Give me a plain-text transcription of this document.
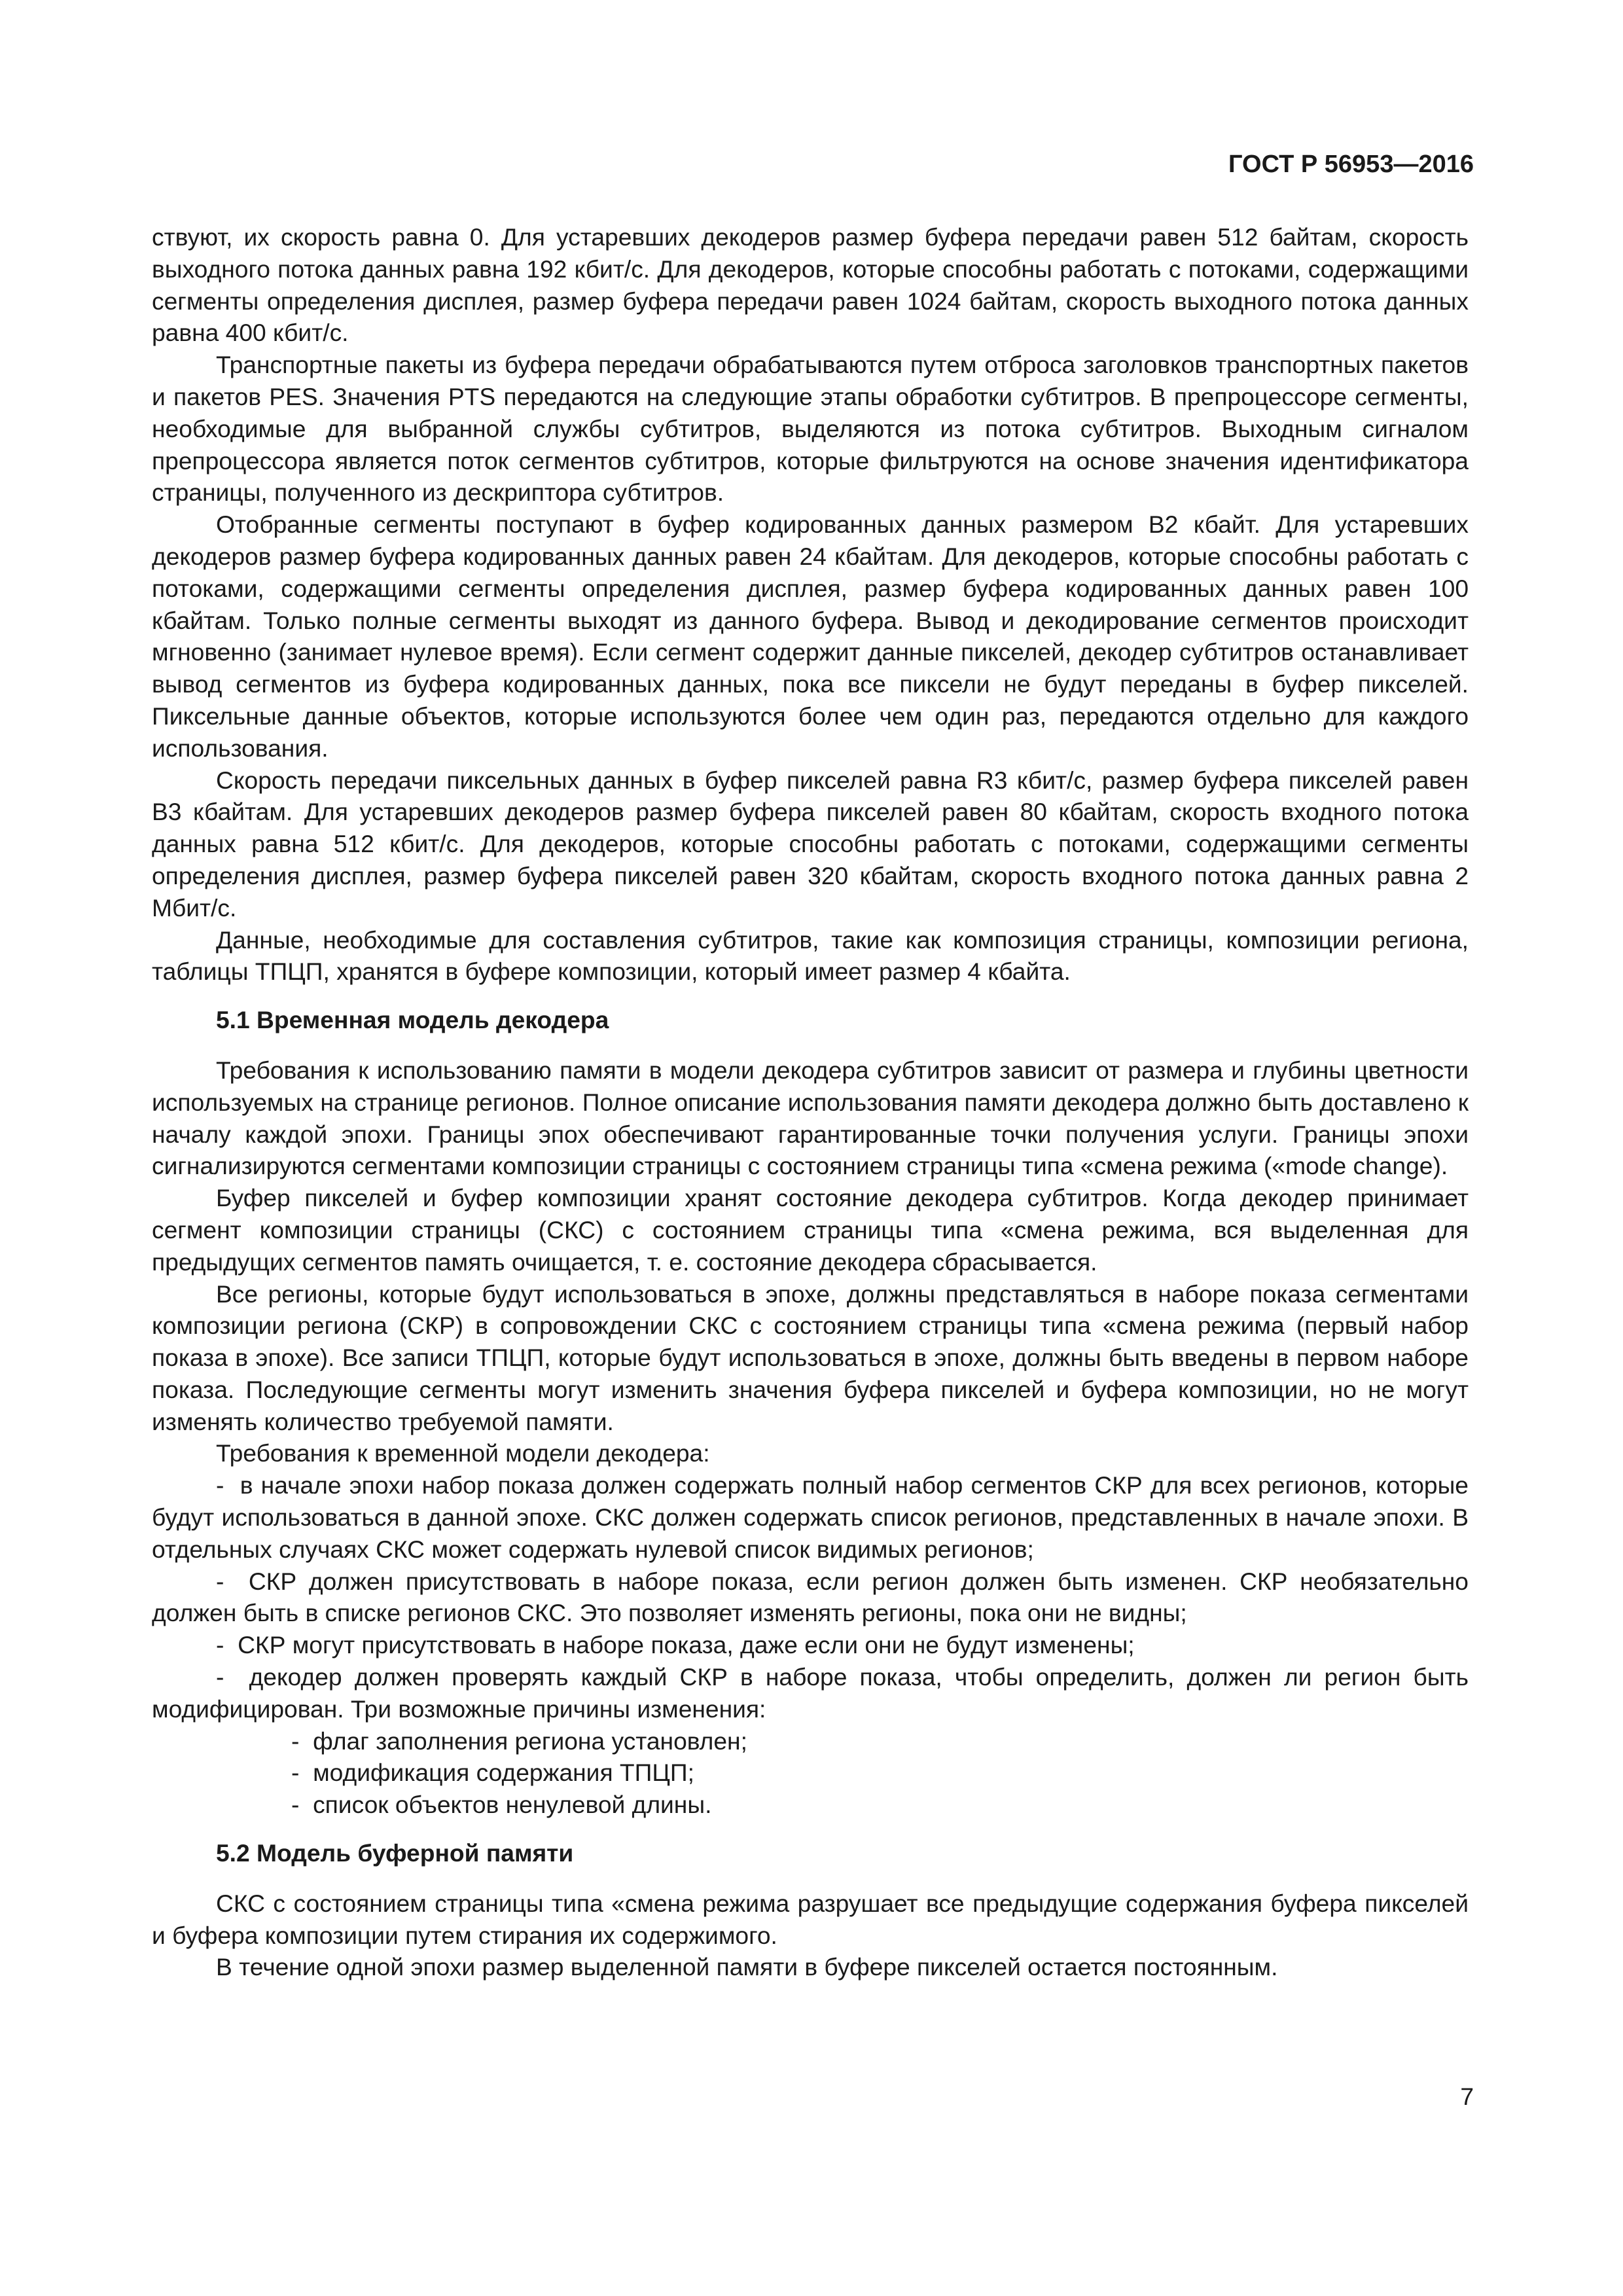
ГОСТ Р 56953—2016

ствуют, их скорость равна 0. Для устаревших декодеров размер буфера передачи равен 512 байтам, скорость выходного потока данных равна 192 кбит/с. Для декодеров, которые способны работать с потоками, содержащими сегменты определения дисплея, размер буфера передачи равен 1024 байтам, скорость выходного потока данных равна 400 кбит/с.

Транспортные пакеты из буфера передачи обрабатываются путем отброса заголовков транспортных пакетов и пакетов PES. Значения PTS передаются на следующие этапы обработки субтитров. В препроцессоре сегменты, необходимые для выбранной службы субтитров, выделяются из потока субтитров. Выходным сигналом препроцессора является поток сегментов субтитров, которые фильтруются на основе значения идентификатора страницы, полученного из дескриптора субтитров.

Отобранные сегменты поступают в буфер кодированных данных размером B2 кбайт. Для устаревших декодеров размер буфера кодированных данных равен 24 кбайтам. Для декодеров, которые способны работать с потоками, содержащими сегменты определения дисплея, размер буфера кодированных данных равен 100 кбайтам. Только полные сегменты выходят из данного буфера. Вывод и декодирование сегментов происходит мгновенно (занимает нулевое время). Если сегмент содержит данные пикселей, декодер субтитров останавливает вывод сегментов из буфера кодированных данных, пока все пиксели не будут переданы в буфер пикселей. Пиксельные данные объектов, которые используются более чем один раз, передаются отдельно для каждого использования.

Скорость передачи пиксельных данных в буфер пикселей равна R3 кбит/с, размер буфера пикселей равен B3 кбайтам. Для устаревших декодеров размер буфера пикселей равен 80 кбайтам, скорость входного потока данных равна 512 кбит/с. Для декодеров, которые способны работать с потоками, содержащими сегменты определения дисплея, размер буфера пикселей равен 320 кбайтам, скорость входного потока данных равна 2 Мбит/с.

Данные, необходимые для составления субтитров, такие как композиция страницы, композиции региона, таблицы ТПЦП, хранятся в буфере композиции, который имеет размер 4 кбайта.

5.1 Временная модель декодера

Требования к использованию памяти в модели декодера субтитров зависит от размера и глубины цветности используемых на странице регионов. Полное описание использования памяти декодера должно быть доставлено к началу каждой эпохи. Границы эпох обеспечивают гарантированные точки получения услуги. Границы эпохи сигнализируются сегментами композиции страницы с состоянием страницы типа «смена режима («mode change).

Буфер пикселей и буфер композиции хранят состояние декодера субтитров. Когда декодер принимает сегмент композиции страницы (СКС) с состоянием страницы типа «смена режима, вся выделенная для предыдущих сегментов память очищается, т. е. состояние декодера сбрасывается.

Все регионы, которые будут использоваться в эпохе, должны представляться в наборе показа сегментами композиции региона (СКР) в сопровождении СКС с состоянием страницы типа «смена режима (первый набор показа в эпохе). Все записи ТПЦП, которые будут использоваться в эпохе, должны быть введены в первом наборе показа. Последующие сегменты могут изменить значения буфера пикселей и буфера композиции, но не могут изменять количество требуемой памяти.

Требования к временной модели декодера:

-  в начале эпохи набор показа должен содержать полный набор сегментов СКР для всех регионов, которые будут использоваться в данной эпохе. СКС должен содержать список регионов, представленных в начале эпохи. В отдельных случаях СКС может содержать нулевой список видимых регионов;
-  СКР должен присутствовать в наборе показа, если регион должен быть изменен. СКР необязательно должен быть в списке регионов СКС. Это позволяет изменять регионы, пока они не видны;
-  СКР могут присутствовать в наборе показа, даже если они не будут изменены;
-  декодер должен проверять каждый СКР в наборе показа, чтобы определить, должен ли регион быть модифицирован. Три возможные причины изменения:
-  флаг заполнения региона установлен;
-  модификация содержания ТПЦП;
-  список объектов ненулевой длины.
5.2 Модель буферной памяти

СКС с состоянием страницы типа «смена режима разрушает все предыдущие содержания буфера пикселей и буфера композиции путем стирания их содержимого.

В течение одной эпохи размер выделенной памяти в буфере пикселей остается постоянным.

7
